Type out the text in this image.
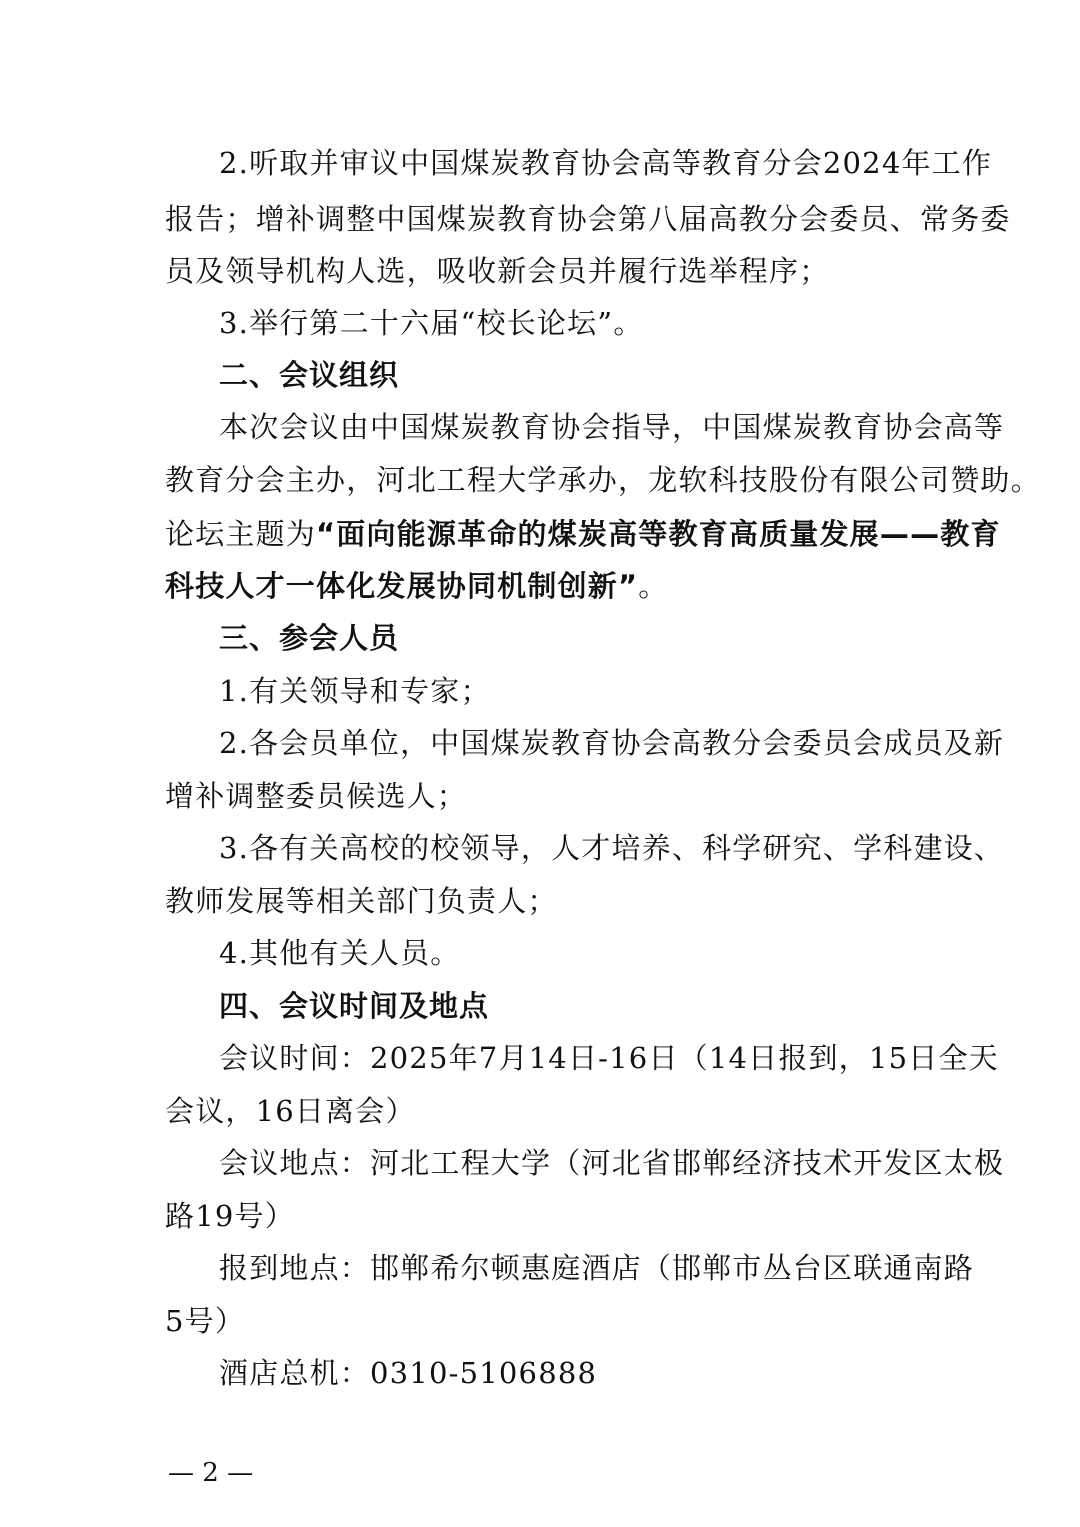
2.听取并审议中国煤炭教育协会高等教育分会2024年工作
报告；增补调整中国煤炭教育协会第八届高教分会委员、常务委
员及领导机构人选，吸收新会员并履行选举程序；
3.举行第二十六届“校长论坛”。
二、会议组织
本次会议由中国煤炭教育协会指导，中国煤炭教育协会高等
教育分会主办，河北工程大学承办，龙软科技股份有限公司赞助。
论坛主题为“面向能源革命的煤炭高等教育高质量发展——教育
科技人才一体化发展协同机制创新”。
三、参会人员
1.有关领导和专家；
2.各会员单位，中国煤炭教育协会高教分会委员会成员及新
增补调整委员候选人；
3.各有关高校的校领导，人才培养、科学研究、学科建设、
教师发展等相关部门负责人；
4.其他有关人员。
四、会议时间及地点
会议时间：2025年7月14日-16日（14日报到，15日全天
会议，16日离会）
会议地点：河北工程大学（河北省邯郸经济技术开发区太极
路19号）
报到地点：邯郸希尔顿惠庭酒店（邯郸市丛台区联通南路
5号）
酒店总机：0310-5106888
— 2 —
